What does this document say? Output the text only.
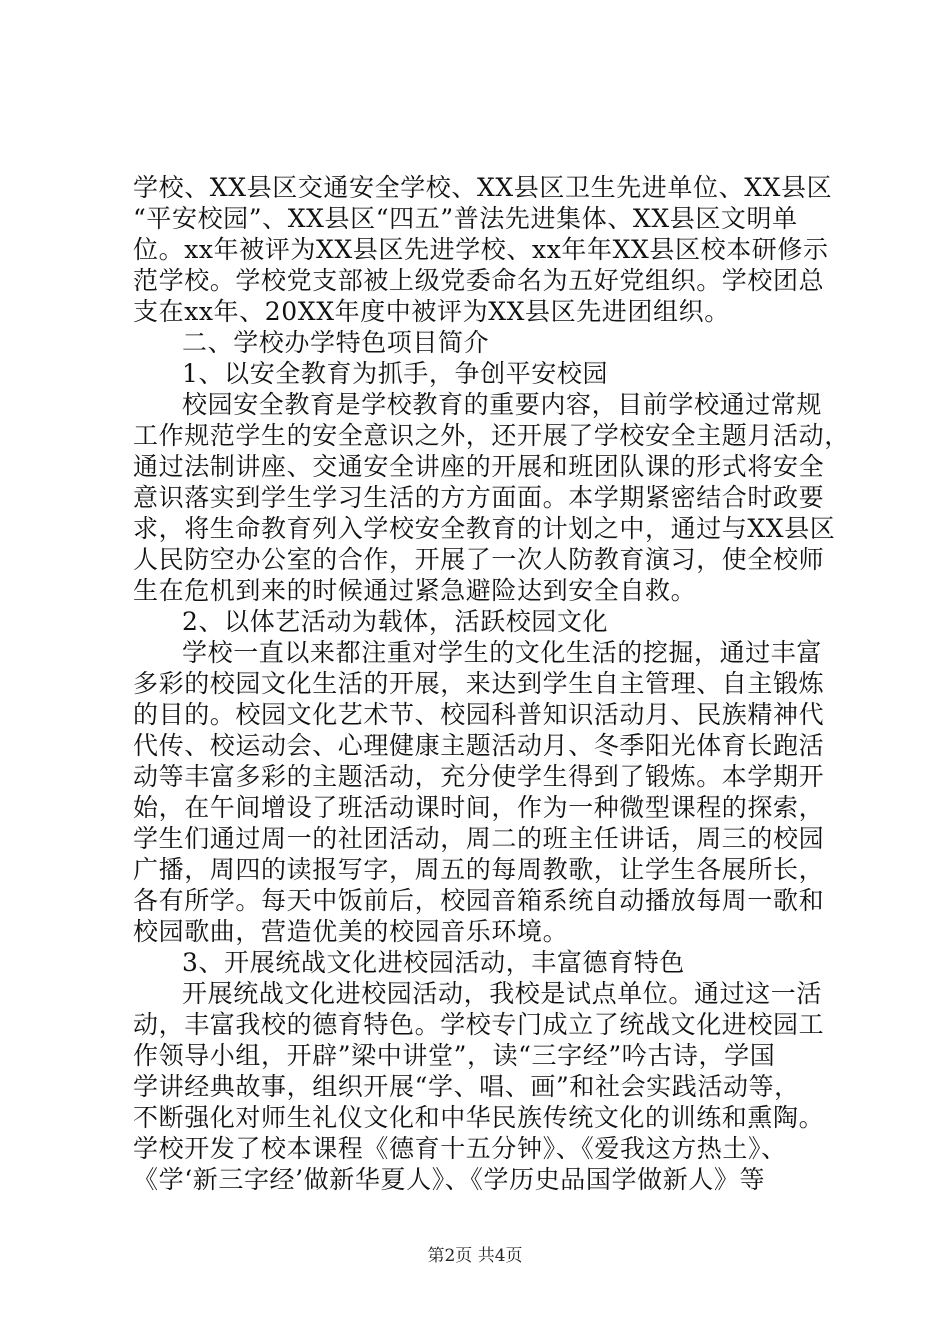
学校、XX县区交通安全学校、XX县区卫生先进单位、XX县区
“平安校园”、XX县区“四五”普法先进集体、XX县区文明单
位。xx年被评为XX县区先进学校、xx年年XX县区校本研修示
范学校。学校党支部被上级党委命名为五好党组织。学校团总
支在xx年、20XX年度中被评为XX县区先进团组织。
二、学校办学特色项目简介
1、以安全教育为抓手，争创平安校园
校园安全教育是学校教育的重要内容，目前学校通过常规
工作规范学生的安全意识之外，还开展了学校安全主题月活动，
通过法制讲座、交通安全讲座的开展和班团队课的形式将安全
意识落实到学生学习生活的方方面面。本学期紧密结合时政要
求，将生命教育列入学校安全教育的计划之中，通过与XX县区
人民防空办公室的合作，开展了一次人防教育演习，使全校师
生在危机到来的时候通过紧急避险达到安全自救。
2、以体艺活动为载体，活跃校园文化
学校一直以来都注重对学生的文化生活的挖掘，通过丰富
多彩的校园文化生活的开展，来达到学生自主管理、自主锻炼
的目的。校园文化艺术节、校园科普知识活动月、民族精神代
代传、校运动会、心理健康主题活动月、冬季阳光体育长跑活
动等丰富多彩的主题活动，充分使学生得到了锻炼。本学期开
始，在午间增设了班活动课时间，作为一种微型课程的探索，
学生们通过周一的社团活动，周二的班主任讲话，周三的校园
广播，周四的读报写字，周五的每周教歌，让学生各展所长，
各有所学。每天中饭前后，校园音箱系统自动播放每周一歌和
校园歌曲，营造优美的校园音乐环境。
3、开展统战文化进校园活动，丰富德育特色
开展统战文化进校园活动，我校是试点单位。通过这一活
动，丰富我校的德育特色。学校专门成立了统战文化进校园工
作领导小组，开辟”梁中讲堂”，读“三字经”吟古诗，学国
学讲经典故事，组织开展“学、唱、画”和社会实践活动等，
不断强化对师生礼仪文化和中华民族传统文化的训练和熏陶。
学校开发了校本课程《德育十五分钟》、《爱我这方热土》、
《学‘新三字经’做新华夏人》、《学历史品国学做新人》等
第2页 共4页
